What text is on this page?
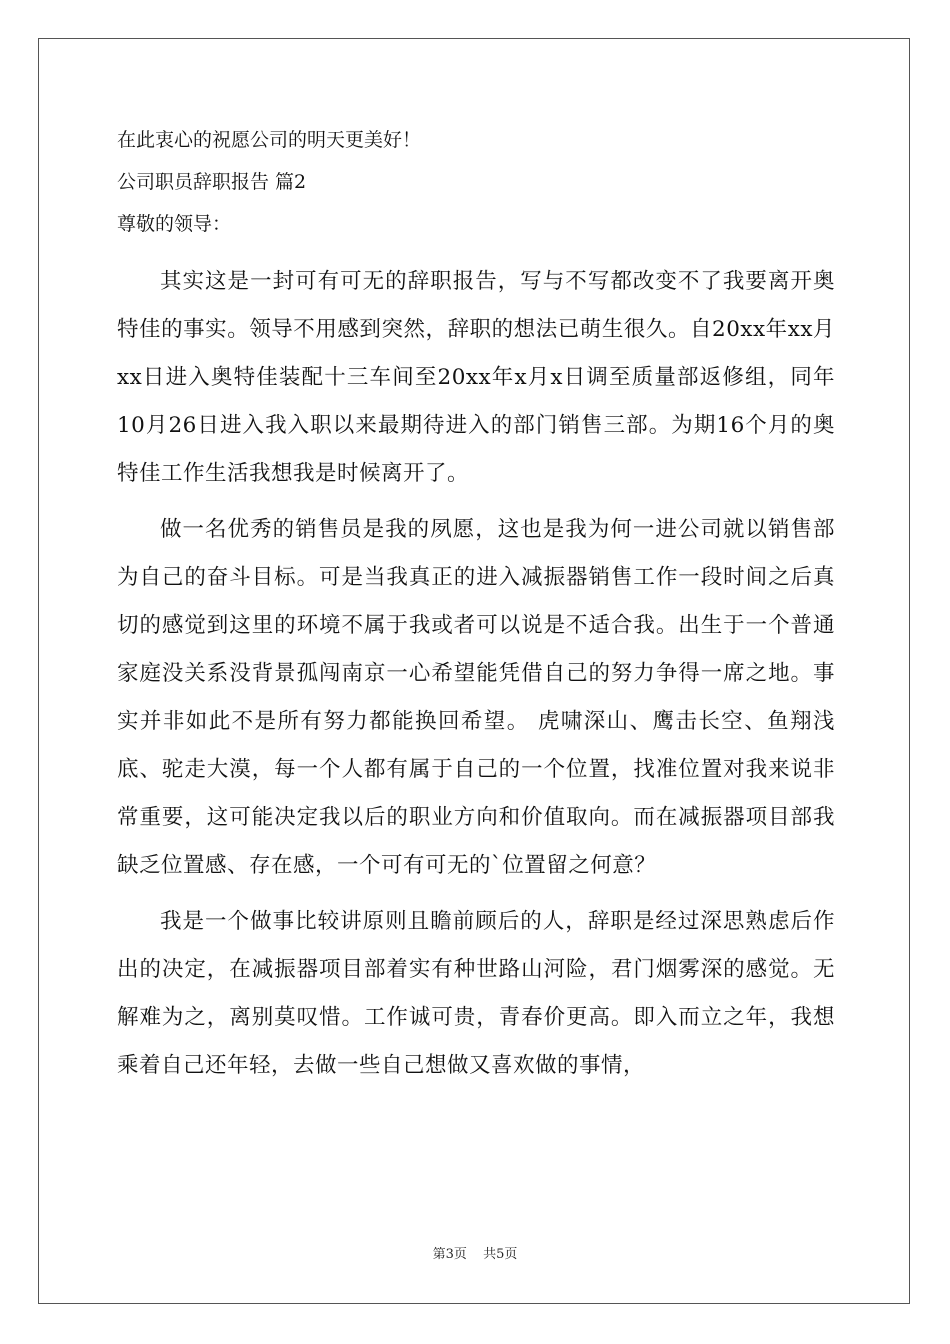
在此衷心的祝愿公司的明天更美好！
公司职员辞职报告 篇2
尊敬的领导：

其实这是一封可有可无的辞职报告，写与不写都改变不了我要离开奥特佳的事实。领导不用感到突然，辞职的想法已萌生很久。自20xx年xx月xx日进入奥特佳装配十三车间至20xx年x月x日调至质量部返修组，同年10月26日进入我入职以来最期待进入的部门销售三部。为期16个月的奥特佳工作生活我想我是时候离开了。

做一名优秀的销售员是我的夙愿，这也是我为何一进公司就以销售部为自己的奋斗目标。可是当我真正的进入减振器销售工作一段时间之后真切的感觉到这里的环境不属于我或者可以说是不适合我。出生于一个普通家庭没关系没背景孤闯南京一心希望能凭借自己的努力争得一席之地。事实并非如此不是所有努力都能换回希望。 虎啸深山、鹰击长空、鱼翔浅底、驼走大漠，每一个人都有属于自己的一个位置，找准位置对我来说非常重要，这可能决定我以后的职业方向和价值取向。而在减振器项目部我缺乏位置感、存在感，一个可有可无的`位置留之何意？

我是一个做事比较讲原则且瞻前顾后的人，辞职是经过深思熟虑后作出的决定，在减振器项目部着实有种世路山河险，君门烟雾深的感觉。无解难为之，离别莫叹惜。工作诚可贵，青春价更高。即入而立之年，我想乘着自己还年轻，去做一些自己想做又喜欢做的事情，

第3页 共5页
